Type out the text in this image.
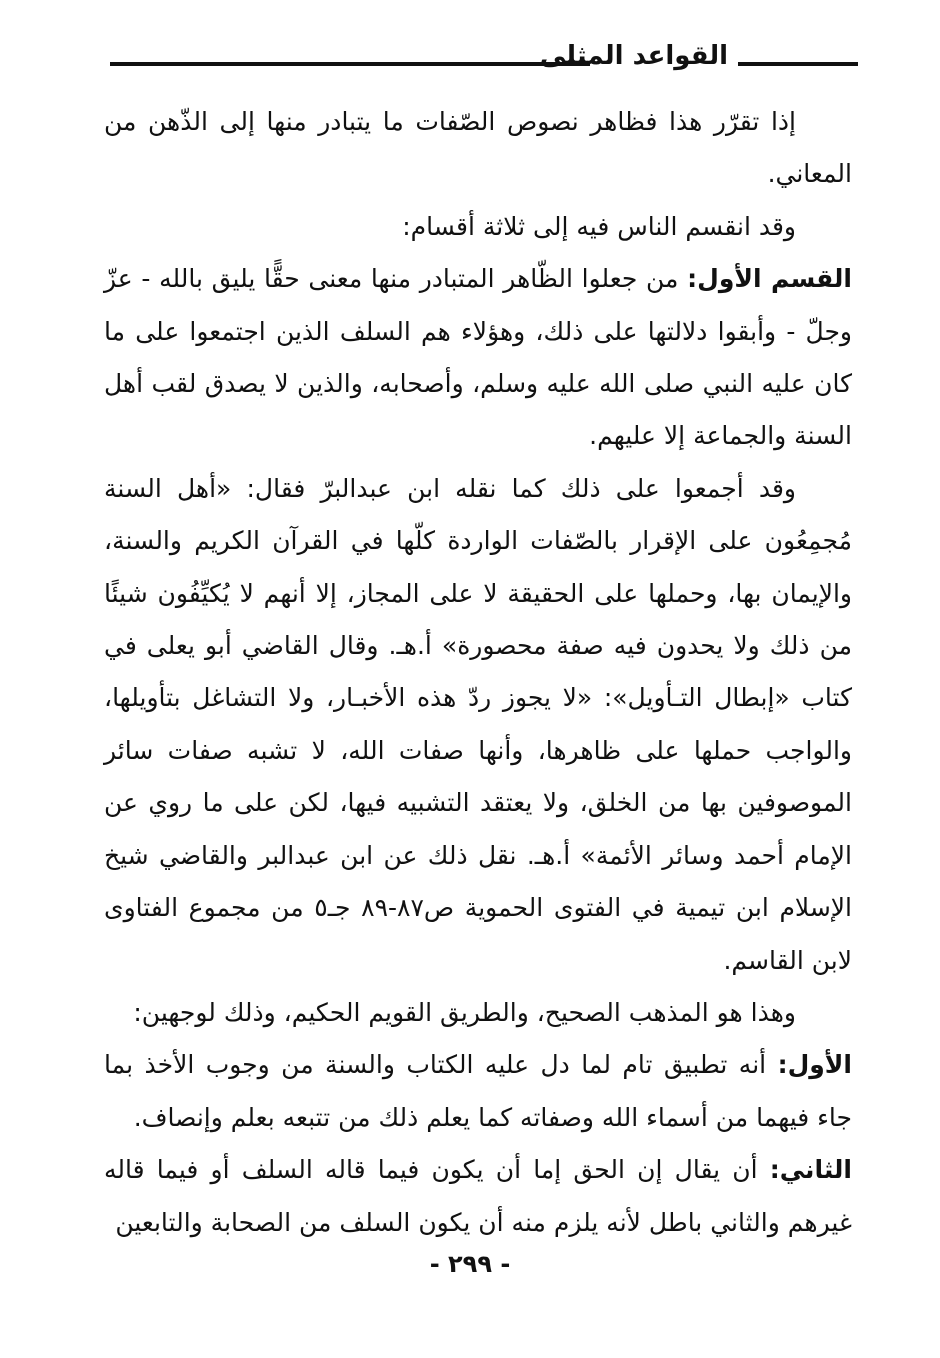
القواعد المثلى

إذا تقرّر هذا فظاهر نصوص الصّفات ما يتبادر منها إلى الذّهن من المعاني.

وقد انقسم الناس فيه إلى ثلاثة أقسام:

القسم الأول: من جعلوا الظّاهر المتبادر منها معنى حقًّا يليق بالله - عزّ وجلّ - وأبقوا دلالتها على ذلك، وهؤلاء هم السلف الذين اجتمعوا على ما كان عليه النبي صلى الله عليه وسلم، وأصحابه، والذين لا يصدق لقب أهل السنة والجماعة إلا عليهم.

وقد أجمعوا على ذلك كما نقله ابن عبدالبرّ فقال: «أهل السنة مُجمِعُون على الإقرار بالصّفات الواردة كلّها في القرآن الكريم والسنة، والإيمان بها، وحملها على الحقيقة لا على المجاز، إلا أنهم لا يُكيِّفُون شيئًا من ذلك ولا يحدون فيه صفة محصورة» أ.هـ. وقال القاضي أبو يعلى في كتاب «إبطال التـأويل»: «لا يجوز ردّ هذه الأخبـار، ولا التشاغل بتأويلها، والواجب حملها على ظاهرها، وأنها صفات الله، لا تشبه صفات سائر الموصوفين بها من الخلق، ولا يعتقد التشبيه فيها، لكن على ما روي عن الإمام أحمد وسائر الأئمة» أ.هـ. نقل ذلك عن ابن عبدالبر والقاضي شيخ الإسلام ابن تيمية في الفتوى الحموية ص٨٧-٨٩ جـ٥ من مجموع الفتاوى لابن القاسم.

وهذا هو المذهب الصحيح، والطريق القويم الحكيم، وذلك لوجهين:

الأول: أنه تطبيق تام لما دل عليه الكتاب والسنة من وجوب الأخذ بما جاء فيهما من أسماء الله وصفاته كما يعلم ذلك من تتبعه بعلم وإنصاف.

الثاني: أن يقال إن الحق إما أن يكون فيما قاله السلف أو فيما قاله غيرهم والثاني باطل لأنه يلزم منه أن يكون السلف من الصحابة والتابعين

- ٢٩٩ -
